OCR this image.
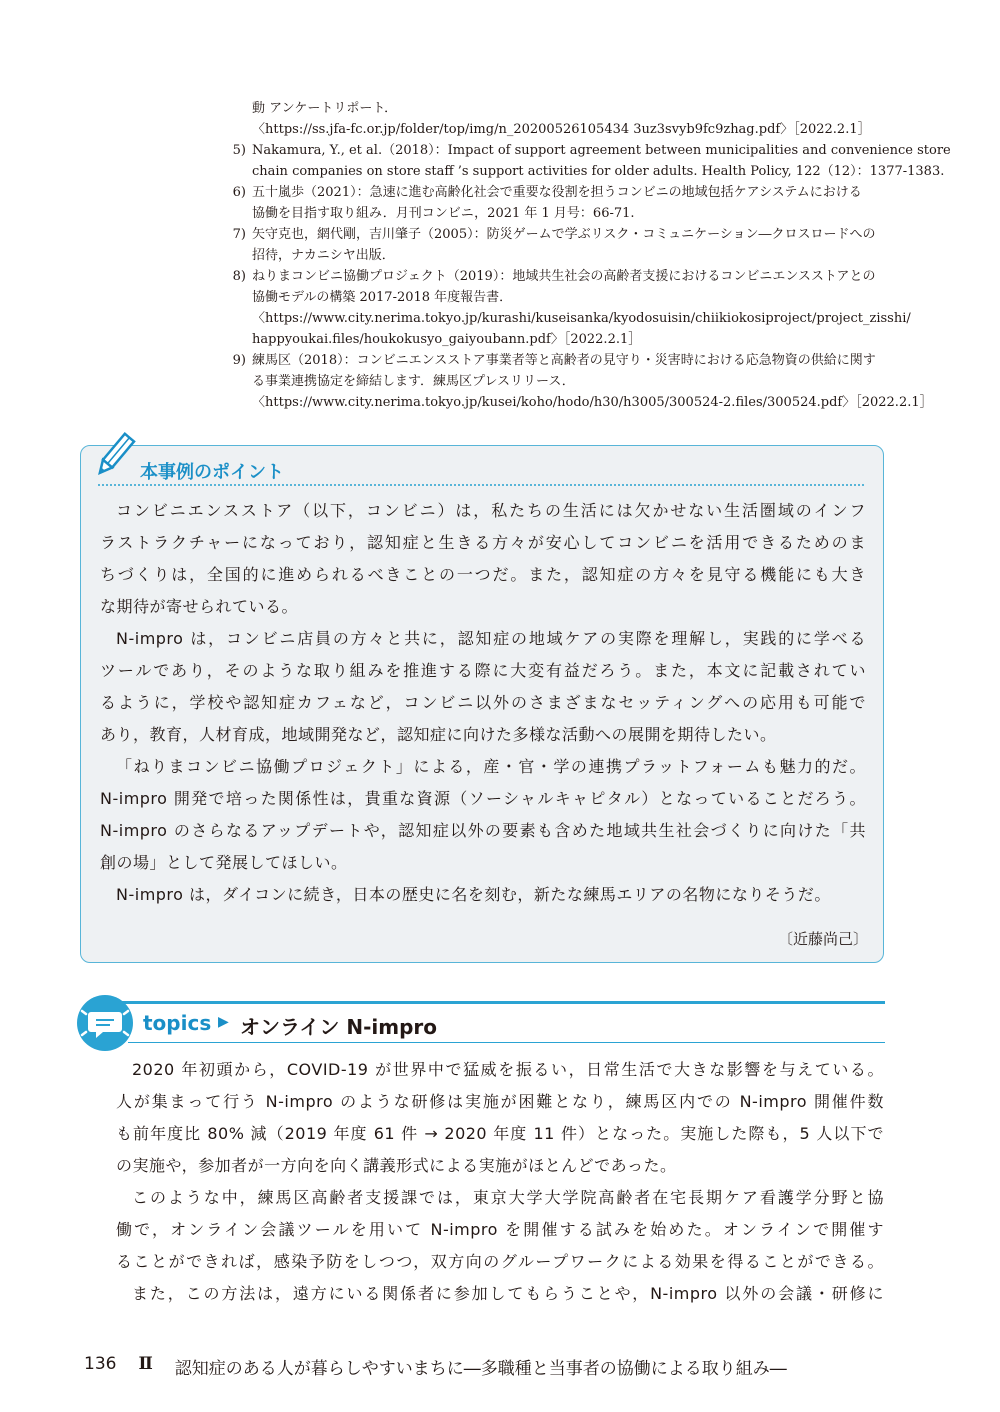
動 アンケートリポート．
〈https://ss.jfa-fc.or.jp/folder/top/img/n_20200526105434 3uz3svyb9fc9zhag.pdf〉［2022.2.1］
5) Nakamura, Y., et al.（2018）：Impact of support agreement between municipalities and convenience store
chain companies on store staff ’s support activities for older adults. Health Policy, 122（12）：1377-1383.
6) 五十嵐歩（2021）：急速に進む高齢化社会で重要な役割を担うコンビニの地域包括ケアシステムにおける
協働を目指す取り組み．月刊コンビニ，2021 年 1 月号：66-71.
7) 矢守克也，網代剛，吉川肇子（2005）：防災ゲームで学ぶリスク・コミュニケーション―クロスロードへの
招待，ナカニシヤ出版．
8) ねりまコンビニ協働プロジェクト（2019）：地域共生社会の高齢者支援におけるコンビニエンスストアとの
協働モデルの構築 2017-2018 年度報告書．
〈https://www.city.nerima.tokyo.jp/kurashi/kuseisanka/kyodosuisin/chiikiokosiproject/project_zisshi/
happyoukai.files/houkokusyo_gaiyoubann.pdf〉［2022.2.1］
9) 練馬区（2018）：コンビニエンスストア事業者等と高齢者の見守り・災害時における応急物資の供給に関す
る事業連携協定を締結します．練馬区プレスリリース．
〈https://www.city.nerima.tokyo.jp/kusei/koho/hodo/h30/h3005/300524-2.files/300524.pdf〉［2022.2.1］
本事例のポイント
コンビニエンスストア（以下，コンビニ）は，私たちの生活には欠かせない生活圏域のインフ
ラストラクチャーになっており，認知症と生きる方々が安心してコンビニを活用できるためのま
ちづくりは，全国的に進められるべきことの一つだ。また，認知症の方々を見守る機能にも大き
な期待が寄せられている。
N-impro は，コンビニ店員の方々と共に，認知症の地域ケアの実際を理解し，実践的に学べる
ツールであり，そのような取り組みを推進する際に大変有益だろう。また，本文に記載されてい
るように，学校や認知症カフェなど，コンビニ以外のさまざまなセッティングへの応用も可能で
あり，教育，人材育成，地域開発など，認知症に向けた多様な活動への展開を期待したい。
「ねりまコンビニ協働プロジェクト」による，産・官・学の連携プラットフォームも魅力的だ。
N-impro 開発で培った関係性は，貴重な資源（ソーシャルキャピタル）となっていることだろう。
N-impro のさらなるアップデートや，認知症以外の要素も含めた地域共生社会づくりに向けた「共
創の場」として発展してほしい。
N-impro は，ダイコンに続き，日本の歴史に名を刻む，新たな練馬エリアの名物になりそうだ。
〔近藤尚己〕
topics ▶ オンライン N-impro
2020 年初頭から，COVID-19 が世界中で猛威を振るい，日常生活で大きな影響を与えている。
人が集まって行う N-impro のような研修は実施が困難となり，練馬区内での N-impro 開催件数
も前年度比 80% 減（2019 年度 61 件 → 2020 年度 11 件）となった。実施した際も，5 人以下で
の実施や，参加者が一方向を向く講義形式による実施がほとんどであった。
このような中，練馬区高齢者支援課では，東京大学大学院高齢者在宅長期ケア看護学分野と協
働で，オンライン会議ツールを用いて N-impro を開催する試みを始めた。オンラインで開催す
ることができれば，感染予防をしつつ，双方向のグループワークによる効果を得ることができる。
また，この方法は，遠方にいる関係者に参加してもらうことや，N-impro 以外の会議・研修に
136 Ⅱ 認知症のある人が暮らしやすいまちに―多職種と当事者の協働による取り組み―
